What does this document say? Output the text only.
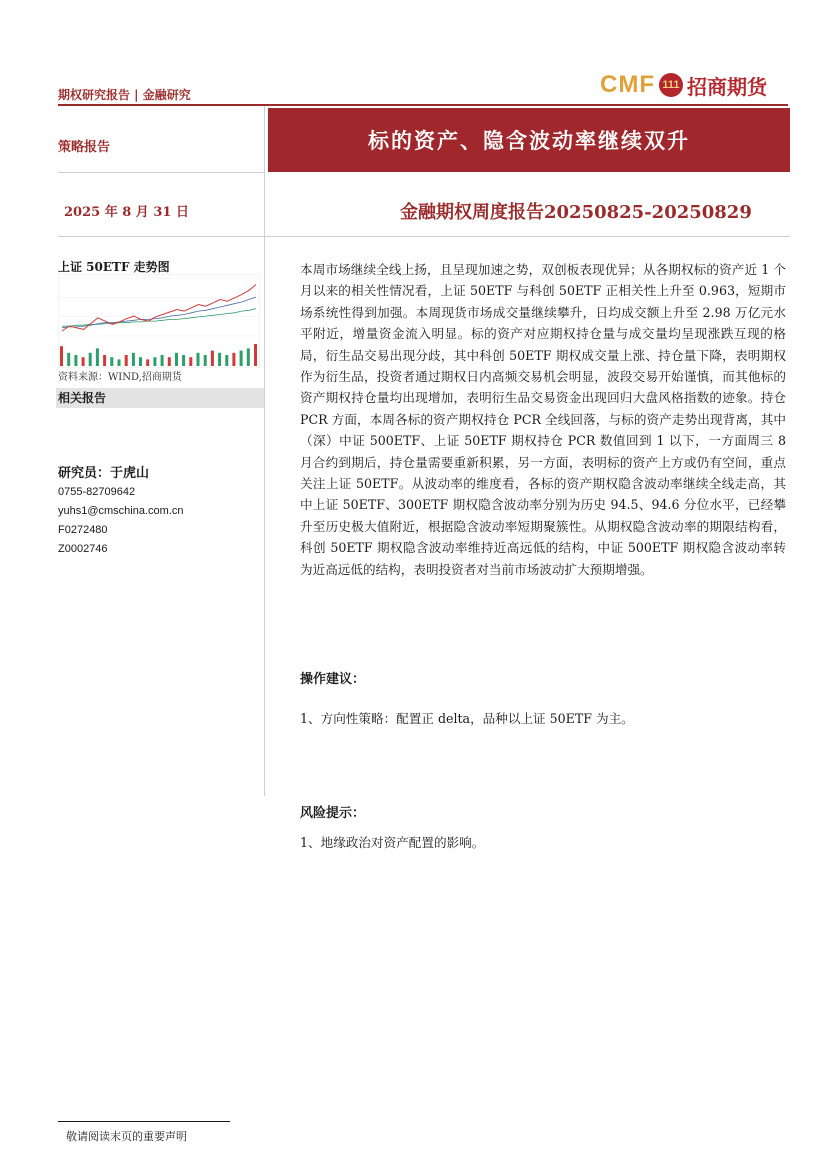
期权研究报告 | 金融研究	CMF 111 招商期货
策略报告	标的资产、隐含波动率继续双升
2025 年 8 月 31 日	金融期权周度报告20250825-20250829
上证 50ETF 走势图
资料来源：WIND,招商期货
相关报告
研究员：于虎山
0755-82709642
yuhs1@cmschina.com.cn
F0272480
Z0002746
本周市场继续全线上扬，且呈现加速之势，双创板表现优异；从各期权标的资产近 1 个月以来的相关性情况看，上证 50ETF 与科创 50ETF 正相关性上升至 0.963，短期市场系统性得到加强。本周现货市场成交量继续攀升，日均成交额上升至 2.98 万亿元水平附近，增量资金流入明显。标的资产对应期权持仓量与成交量均呈现涨跌互现的格局，衍生品交易出现分歧，其中科创 50ETF 期权成交量上涨、持仓量下降，表明期权作为衍生品，投资者通过期权日内高频交易机会明显，波段交易开始谨慎，而其他标的资产期权持仓量均出现增加，表明衍生品交易资金出现回归大盘风格指数的迹象。持仓 PCR 方面，本周各标的资产期权持仓 PCR 全线回落，与标的资产走势出现背离，其中（深）中证 500ETF、上证 50ETF 期权持仓 PCR 数值回到 1 以下，一方面周三 8 月合约到期后，持仓量需要重新积累，另一方面，表明标的资产上方或仍有空间，重点关注上证 50ETF。从波动率的维度看，各标的资产期权隐含波动率继续全线走高，其中上证 50ETF、300ETF 期权隐含波动率分别为历史 94.5、94.6 分位水平，已经攀升至历史极大值附近，根据隐含波动率短期聚簇性。从期权隐含波动率的期限结构看，科创 50ETF 期权隐含波动率维持近高远低的结构，中证 500ETF 期权隐含波动率转为近高远低的结构，表明投资者对当前市场波动扩大预期增强。
操作建议：
1、方向性策略：配置正 delta，品种以上证 50ETF 为主。
风险提示：
1、地缘政治对资产配置的影响。
敬请阅读末页的重要声明
